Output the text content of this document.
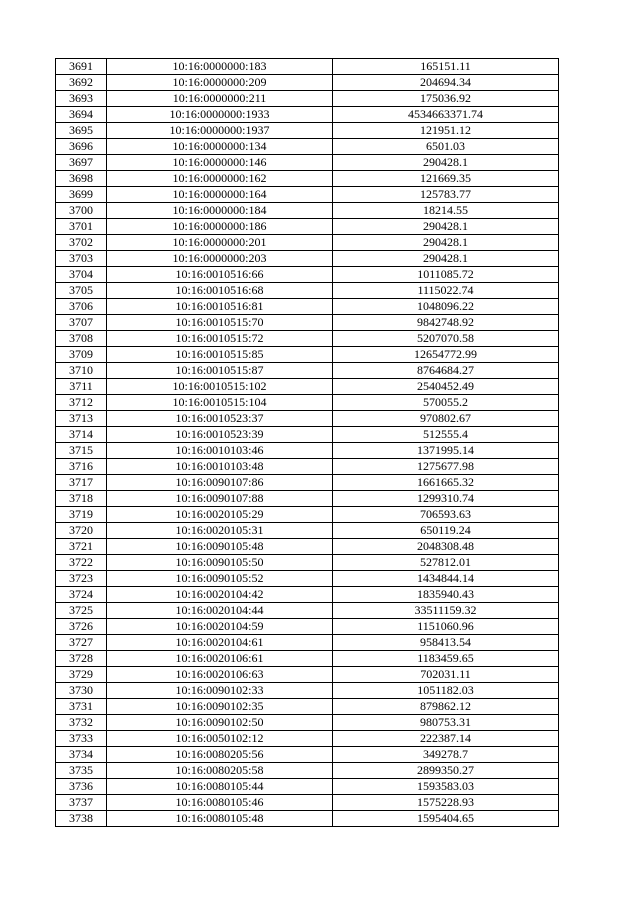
3691	10:16:0000000:183	165151.11
3692	10:16:0000000:209	204694.34
3693	10:16:0000000:211	175036.92
3694	10:16:0000000:1933	4534663371.74
3695	10:16:0000000:1937	121951.12
3696	10:16:0000000:134	6501.03
3697	10:16:0000000:146	290428.1
3698	10:16:0000000:162	121669.35
3699	10:16:0000000:164	125783.77
3700	10:16:0000000:184	18214.55
3701	10:16:0000000:186	290428.1
3702	10:16:0000000:201	290428.1
3703	10:16:0000000:203	290428.1
3704	10:16:0010516:66	1011085.72
3705	10:16:0010516:68	1115022.74
3706	10:16:0010516:81	1048096.22
3707	10:16:0010515:70	9842748.92
3708	10:16:0010515:72	5207070.58
3709	10:16:0010515:85	12654772.99
3710	10:16:0010515:87	8764684.27
3711	10:16:0010515:102	2540452.49
3712	10:16:0010515:104	570055.2
3713	10:16:0010523:37	970802.67
3714	10:16:0010523:39	512555.4
3715	10:16:0010103:46	1371995.14
3716	10:16:0010103:48	1275677.98
3717	10:16:0090107:86	1661665.32
3718	10:16:0090107:88	1299310.74
3719	10:16:0020105:29	706593.63
3720	10:16:0020105:31	650119.24
3721	10:16:0090105:48	2048308.48
3722	10:16:0090105:50	527812.01
3723	10:16:0090105:52	1434844.14
3724	10:16:0020104:42	1835940.43
3725	10:16:0020104:44	33511159.32
3726	10:16:0020104:59	1151060.96
3727	10:16:0020104:61	958413.54
3728	10:16:0020106:61	1183459.65
3729	10:16:0020106:63	702031.11
3730	10:16:0090102:33	1051182.03
3731	10:16:0090102:35	879862.12
3732	10:16:0090102:50	980753.31
3733	10:16:0050102:12	222387.14
3734	10:16:0080205:56	349278.7
3735	10:16:0080205:58	2899350.27
3736	10:16:0080105:44	1593583.03
3737	10:16:0080105:46	1575228.93
3738	10:16:0080105:48	1595404.65
